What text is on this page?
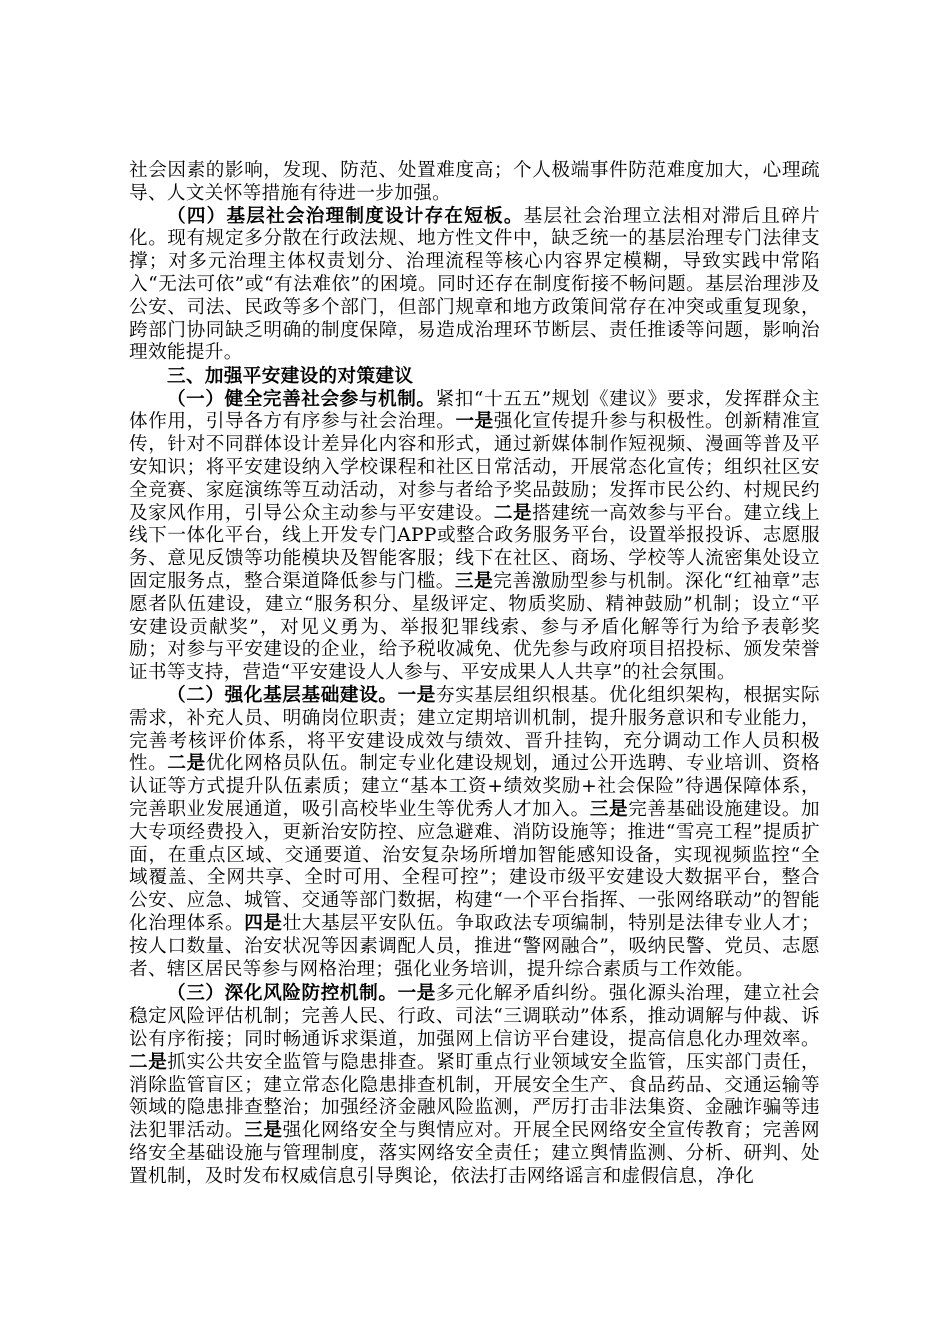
社会因素的影响，发现、防范、处置难度高；个人极端事件防范难度加大，心理疏导、人文关怀等措施有待进一步加强。

（四）基层社会治理制度设计存在短板。基层社会治理立法相对滞后且碎片化。现有规定多分散在行政法规、地方性文件中，缺乏统一的基层治理专门法律支撑；对多元治理主体权责划分、治理流程等核心内容界定模糊，导致实践中常陷入“无法可依”或“有法难依”的困境。同时还存在制度衔接不畅问题。基层治理涉及公安、司法、民政等多个部门，但部门规章和地方政策间常存在冲突或重复现象，跨部门协同缺乏明确的制度保障，易造成治理环节断层、责任推诿等问题，影响治理效能提升。

三、加强平安建设的对策建议

（一）健全完善社会参与机制。紧扣“十五五”规划《建议》要求，发挥群众主体作用，引导各方有序参与社会治理。一是强化宣传提升参与积极性。创新精准宣传，针对不同群体设计差异化内容和形式，通过新媒体制作短视频、漫画等普及平安知识；将平安建设纳入学校课程和社区日常活动，开展常态化宣传；组织社区安全竞赛、家庭演练等互动活动，对参与者给予奖品鼓励；发挥市民公约、村规民约及家风作用，引导公众主动参与平安建设。二是搭建统一高效参与平台。建立线上线下一体化平台，线上开发专门APP或整合政务服务平台，设置举报投诉、志愿服务、意见反馈等功能模块及智能客服；线下在社区、商场、学校等人流密集处设立固定服务点，整合渠道降低参与门槛。三是完善激励型参与机制。深化“红袖章”志愿者队伍建设，建立“服务积分、星级评定、物质奖励、精神鼓励”机制；设立“平安建设贡献奖”，对见义勇为、举报犯罪线索、参与矛盾化解等行为给予表彰奖励；对参与平安建设的企业，给予税收减免、优先参与政府项目招投标、颁发荣誉证书等支持，营造“平安建设人人参与、平安成果人人共享”的社会氛围。

（二）强化基层基础建设。一是夯实基层组织根基。优化组织架构，根据实际需求，补充人员、明确岗位职责；建立定期培训机制，提升服务意识和专业能力，完善考核评价体系，将平安建设成效与绩效、晋升挂钩，充分调动工作人员积极性。二是优化网格员队伍。制定专业化建设规划，通过公开选聘、专业培训、资格认证等方式提升队伍素质；建立“基本工资+绩效奖励+社会保险”待遇保障体系，完善职业发展通道，吸引高校毕业生等优秀人才加入。三是完善基础设施建设。加大专项经费投入，更新治安防控、应急避难、消防设施等；推进“雪亮工程”提质扩面，在重点区域、交通要道、治安复杂场所增加智能感知设备，实现视频监控“全域覆盖、全网共享、全时可用、全程可控”；建设市级平安建设大数据平台，整合公安、应急、城管、交通等部门数据，构建“一个平台指挥、一张网络联动”的智能化治理体系。四是壮大基层平安队伍。争取政法专项编制，特别是法律专业人才；按人口数量、治安状况等因素调配人员，推进“警网融合”，吸纳民警、党员、志愿者、辖区居民等参与网格治理；强化业务培训，提升综合素质与工作效能。

（三）深化风险防控机制。一是多元化解矛盾纠纷。强化源头治理，建立社会稳定风险评估机制；完善人民、行政、司法“三调联动”体系，推动调解与仲裁、诉讼有序衔接；同时畅通诉求渠道，加强网上信访平台建设，提高信息化办理效率。二是抓实公共安全监管与隐患排查。紧盯重点行业领域安全监管，压实部门责任，消除监管盲区；建立常态化隐患排查机制，开展安全生产、食品药品、交通运输等领域的隐患排查整治；加强经济金融风险监测，严厉打击非法集资、金融诈骗等违法犯罪活动。三是强化网络安全与舆情应对。开展全民网络安全宣传教育；完善网络安全基础设施与管理制度，落实网络安全责任；建立舆情监测、分析、研判、处置机制，及时发布权威信息引导舆论，依法打击网络谣言和虚假信息，净化
